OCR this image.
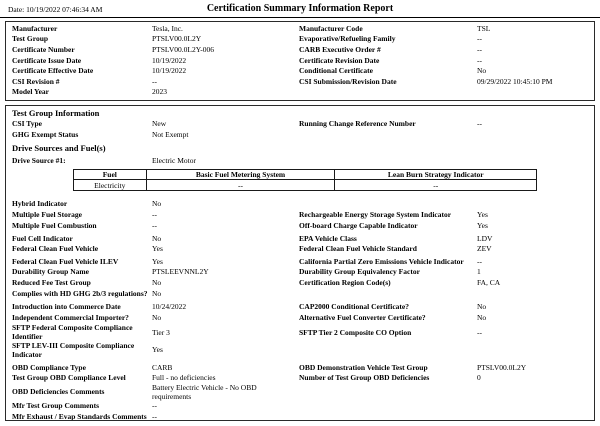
Date: 10/19/2022 07:46:34 AM	Certification Summary Information Report
Manufacturer	Tesla, Inc.	Manufacturer Code	TSL
Test Group	PTSLV00.0L2Y	Evaporative/Refueling Family	--
Certificate Number	PTSLV00.0L2Y-006	CARB Executive Order #	--
Certificate Issue Date	10/19/2022	Certificate Revision Date	--
Certificate Effective Date	10/19/2022	Conditional Certificate	No
CSI Revision #	--	CSI Submission/Revision Date	09/29/2022 10:45:10 PM
Model Year	2023
Test Group Information
CSI Type	New	Running Change Reference Number	--
GHG Exempt Status	Not Exempt
Drive Sources and Fuel(s)
Drive Source #1:	Electric Motor
Fuel	Basic Fuel Metering System	Lean Burn Strategy Indicator
Electricity	--	--
Hybrid Indicator	No
Multiple Fuel Storage	--	Rechargeable Energy Storage System Indicator	Yes
Multiple Fuel Combustion	--	Off-board Charge Capable Indicator	Yes
Fuel Cell Indicator	No	EPA Vehicle Class	LDV
Federal Clean Fuel Vehicle	Yes	Federal Clean Fuel Vehicle Standard	ZEV
Federal Clean Fuel Vehicle ILEV	Yes	California Partial Zero Emissions Vehicle Indicator	--
Durability Group Name	PTSLEEVNNL2Y	Durability Group Equivalency Factor	1
Reduced Fee Test Group	No	Certification Region Code(s)	FA, CA
Complies with HD GHG 2b/3 regulations? No
Introduction into Commerce Date	10/24/2022	CAP2000 Conditional Certificate?	No
Independent Commercial Importer?	No	Alternative Fuel Converter Certificate?	No
SFTP Federal Composite Compliance Identifier	Tier 3	SFTP Tier 2 Composite CO Option	--
SFTP LEV-III Composite Compliance Indicator	Yes
OBD Compliance Type	CARB	OBD Demonstration Vehicle Test Group	PTSLV00.0L2Y
Test Group OBD Compliance Level	Full - no deficiencies	Number of Test Group OBD Deficiencies	0
OBD Deficiencies Comments	Battery Electric Vehicle - No OBD requirements
Mfr Test Group Comments	--
Mfr Exhaust / Evap Standards Comments --
